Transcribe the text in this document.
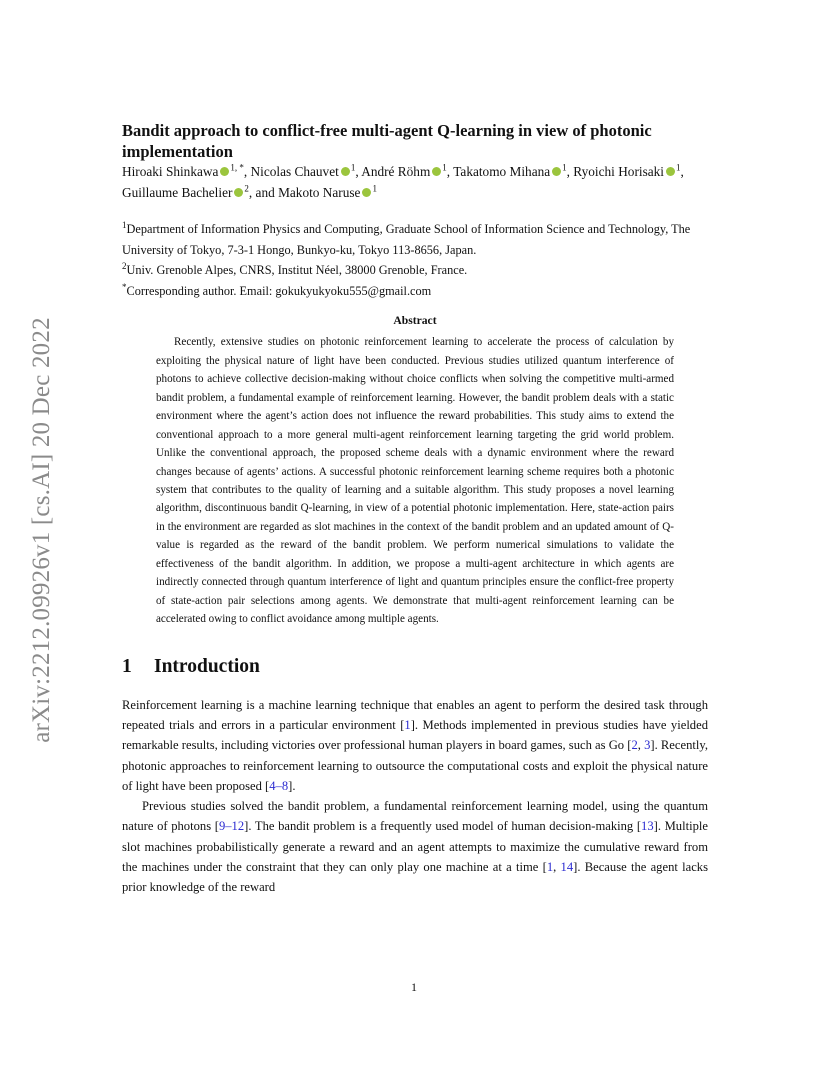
arXiv:2212.09926v1 [cs.AI] 20 Dec 2022
Bandit approach to conflict-free multi-agent Q-learning in view of photonic implementation
Hiroaki Shinkawa $^{1, *}$, Nicolas Chauvet $^1$, André Röhm $^1$, Takatomo Mihana $^1$, Ryoichi Horisaki $^1$, Guillaume Bachelier $^2$, and Makoto Naruse $^1$
$^1$Department of Information Physics and Computing, Graduate School of Information Science and Technology, The University of Tokyo, 7-3-1 Hongo, Bunkyo-ku, Tokyo 113-8656, Japan.
$^2$Univ. Grenoble Alpes, CNRS, Institut Néel, 38000 Grenoble, France.
*Corresponding author. Email: gokukyukyoku555@gmail.com
Abstract
Recently, extensive studies on photonic reinforcement learning to accelerate the process of calculation by exploiting the physical nature of light have been conducted. Previous studies utilized quantum interference of photons to achieve collective decision-making without choice conflicts when solving the competitive multi-armed bandit problem, a fundamental example of reinforcement learning. However, the bandit problem deals with a static environment where the agent’s action does not influence the reward probabilities. This study aims to extend the conventional approach to a more general multi-agent reinforcement learning targeting the grid world problem. Unlike the conventional approach, the proposed scheme deals with a dynamic environment where the reward changes because of agents’ actions. A successful photonic reinforcement learning scheme requires both a photonic system that contributes to the quality of learning and a suitable algorithm. This study proposes a novel learning algorithm, discontinuous bandit Q-learning, in view of a potential photonic implementation. Here, state-action pairs in the environment are regarded as slot machines in the context of the bandit problem and an updated amount of Q-value is regarded as the reward of the bandit problem. We perform numerical simulations to validate the effectiveness of the bandit algorithm. In addition, we propose a multi-agent architecture in which agents are indirectly connected through quantum interference of light and quantum principles ensure the conflict-free property of state-action pair selections among agents. We demonstrate that multi-agent reinforcement learning can be accelerated owing to conflict avoidance among multiple agents.
1	Introduction

Reinforcement learning is a machine learning technique that enables an agent to perform the desired task through repeated trials and errors in a particular environment [1]. Methods implemented in previous studies have yielded remarkable results, including victories over professional human players in board games, such as Go [2, 3]. Recently, photonic approaches to reinforcement learning to outsource the computational costs and exploit the physical nature of light have been proposed [4–8].

Previous studies solved the bandit problem, a fundamental reinforcement learning model, using the quantum nature of photons [9–12]. The bandit problem is a frequently used model of human decision-making [13]. Multiple slot machines probabilistically generate a reward and an agent attempts to maximize the cumulative reward from the machines under the constraint that they can only play one machine at a time [1, 14]. Because the agent lacks prior knowledge of the reward

1
